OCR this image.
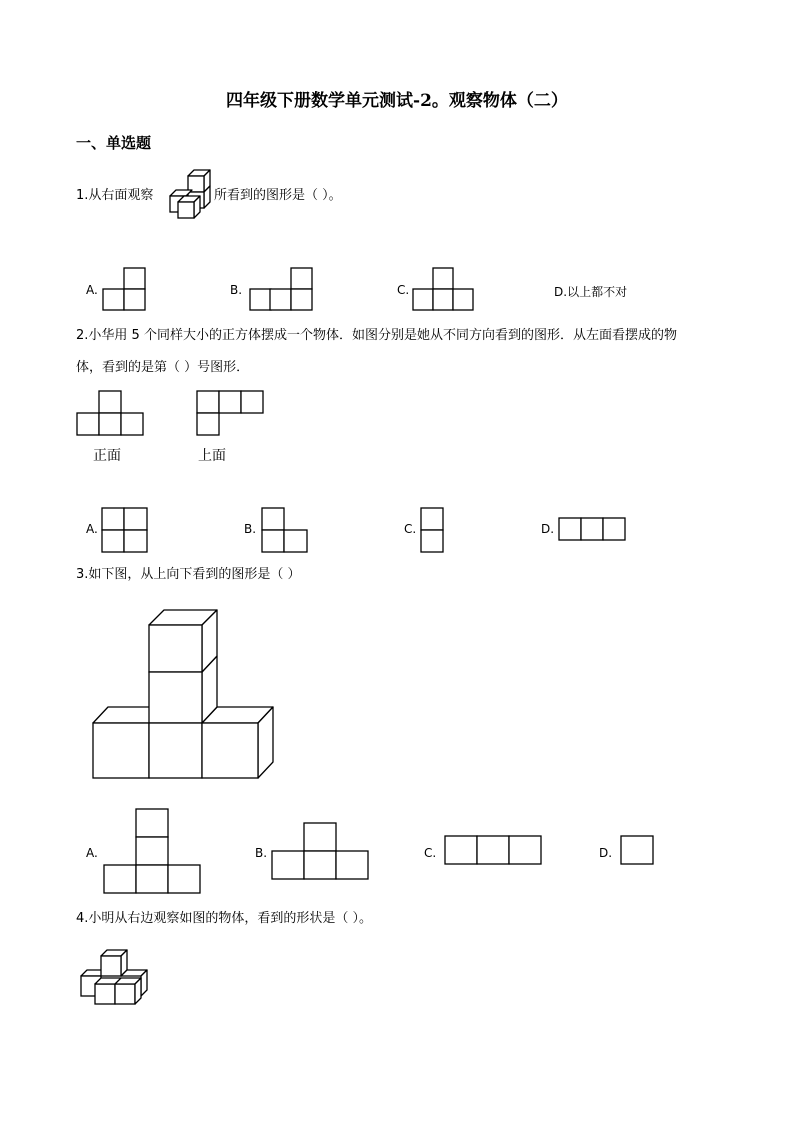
四年级下册数学单元测试-2。观察物体（二）
一、单选题
1.从右面观察	所看到的图形是（ ）。
A.	B.	C.	D.以上都不对
2.小华用 5 个同样大小的正方体摆成一个物体．如图分别是她从不同方向看到的图形．从左面看摆成的物
体，看到的是第（ ）号图形．
正面	上面
A.	B.	C.	D.
3.如下图，从上向下看到的图形是（ ）
A.	B.	C.	D.
4.小明从右边观察如图的物体，看到的形状是（ ）。
